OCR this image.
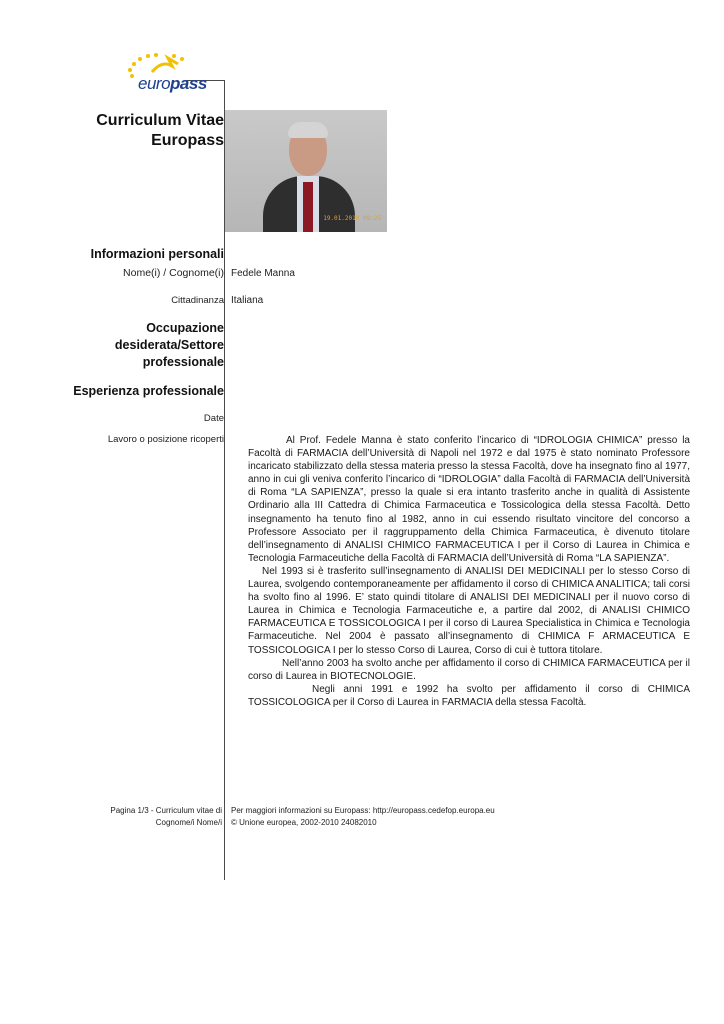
europass
Curriculum Vitae
Europass
19.01.2010 09:25
Informazioni personali
Nome(i) / Cognome(i) Fedele Manna
Cittadinanza Italiana
Occupazione
desiderata/Settore
professionale
Esperienza professionale
Date
Lavoro o posizione ricoperti	Al Prof. Fedele Manna è stato conferito l’incarico di “IDROLOGIA CHIMICA” presso la Facoltà di FARMACIA dell’Università di Napoli nel 1972 e dal 1975 è stato nominato Professore incaricato stabilizzato della stessa materia presso la stessa Facoltà, dove ha insegnato fino al 1977, anno in cui gli veniva conferito l’incarico di “IDROLOGIA” dalla Facoltà di FARMACIA dell’Università di Roma “LA SAPIENZA”, presso la quale si era intanto trasferito anche in qualità di Assistente Ordinario alla III Cattedra di Chimica Farmaceutica e Tossicologica della stessa Facoltà. Detto insegnamento ha tenuto fino al 1982, anno in cui essendo risultato vincitore del concorso a Professore Associato per il raggruppamento della Chimica Farmaceutica, è divenuto titolare dell’insegnamento di ANALISI CHIMICO FARMACEUTICA I per il Corso di Laurea in Chimica e Tecnologia Farmaceutiche della Facoltà di FARMACIA dell’Università di Roma “LA SAPIENZA”.

Nel 1993 si è trasferito sull’insegnamento di ANALISI DEI MEDICINALI per lo stesso Corso di Laurea, svolgendo contemporaneamente per affidamento il corso di CHIMICA ANALITICA; tali corsi ha svolto fino al 1996. E’ stato quindi titolare di ANALISI DEI MEDICINALI per il nuovo corso di Laurea in Chimica e Tecnologia Farmaceutiche e, a partire dal 2002, di ANALISI CHIMICO FARMACEUTICA E TOSSICOLOGICA I per il corso di Laurea Specialistica in Chimica e Tecnologia Farmaceutiche. Nel 2004 è passato all’insegnamento di CHIMICA F ARMACEUTICA E TOSSICOLOGICA I per lo stesso Corso di Laurea, Corso di cui è tuttora titolare.

Nell’anno 2003 ha svolto anche per affidamento il corso di CHIMICA FARMACEUTICA per il corso di Laurea in BIOTECNOLOGIE.

Negli anni 1991 e 1992 ha svolto per affidamento il corso di CHIMICA TOSSICOLOGICA per il Corso di Laurea in FARMACIA della stessa Facoltà.

Pagina 1/3 - Curriculum vitae di
Cognome/i Nome/i
Per maggiori informazioni su Europass: http://europass.cedefop.europa.eu
© Unione europea, 2002-2010 24082010
